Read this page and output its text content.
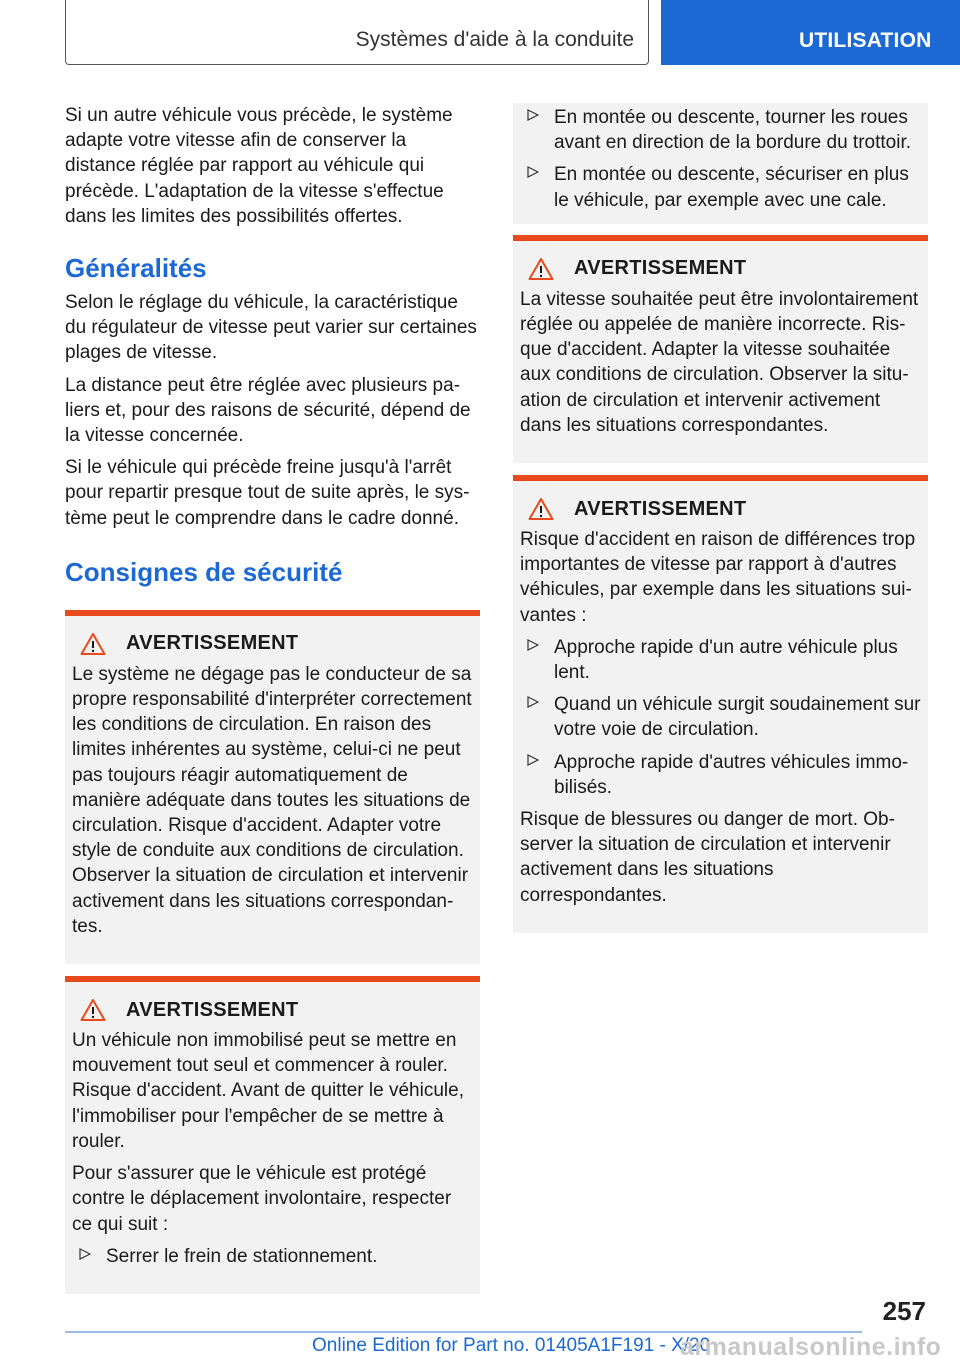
Systèmes d'aide à la conduite	UTILISATION

Si un autre véhicule vous précède, le système adapte votre vitesse afin de conserver la distance réglée par rapport au véhicule qui précède. L'adaptation de la vitesse s'effectue dans les limites des possibilités offertes.

Généralités

Selon le réglage du véhicule, la caractéristique du régulateur de vitesse peut varier sur certaines plages de vitesse.

La distance peut être réglée avec plusieurs paliers et, pour des raisons de sécurité, dépend de la vitesse concernée.

Si le véhicule qui précède freine jusqu'à l'arrêt pour repartir presque tout de suite après, le système peut le comprendre dans le cadre donné.

Consignes de sécurité
AVERTISSEMENT

Le système ne dégage pas le conducteur de sa propre responsabilité d'interpréter correctement les conditions de circulation. En raison des limites inhérentes au système, celui-ci ne peut pas toujours réagir automatiquement de manière adéquate dans toutes les situations de circulation. Risque d'accident. Adapter votre style de conduite aux conditions de circulation. Observer la situation de circulation et intervenir activement dans les situations correspondantes.

AVERTISSEMENT

Un véhicule non immobilisé peut se mettre en mouvement tout seul et commencer à rouler. Risque d'accident. Avant de quitter le véhicule, l'immobiliser pour l'empêcher de se mettre à rouler.

Pour s'assurer que le véhicule est protégé contre le déplacement involontaire, respecter ce qui suit :

Serrer le frein de stationnement.
En montée ou descente, tourner les roues avant en direction de la bordure du trottoir.
En montée ou descente, sécuriser en plus le véhicule, par exemple avec une cale.
AVERTISSEMENT

La vitesse souhaitée peut être involontairement réglée ou appelée de manière incorrecte. Risque d'accident. Adapter la vitesse souhaitée aux conditions de circulation. Observer la situation de circulation et intervenir activement dans les situations correspondantes.

AVERTISSEMENT

Risque d'accident en raison de différences trop importantes de vitesse par rapport à d'autres véhicules, par exemple dans les situations suivantes :

Approche rapide d'un autre véhicule plus lent.
Quand un véhicule surgit soudainement sur votre voie de circulation.
Approche rapide d'autres véhicules immobilisés.

Risque de blessures ou danger de mort. Observer la situation de circulation et intervenir activement dans les situations correspondantes.

257
Online Edition for Part no. 01405A1F191 - X/20
armanualsonline.info
